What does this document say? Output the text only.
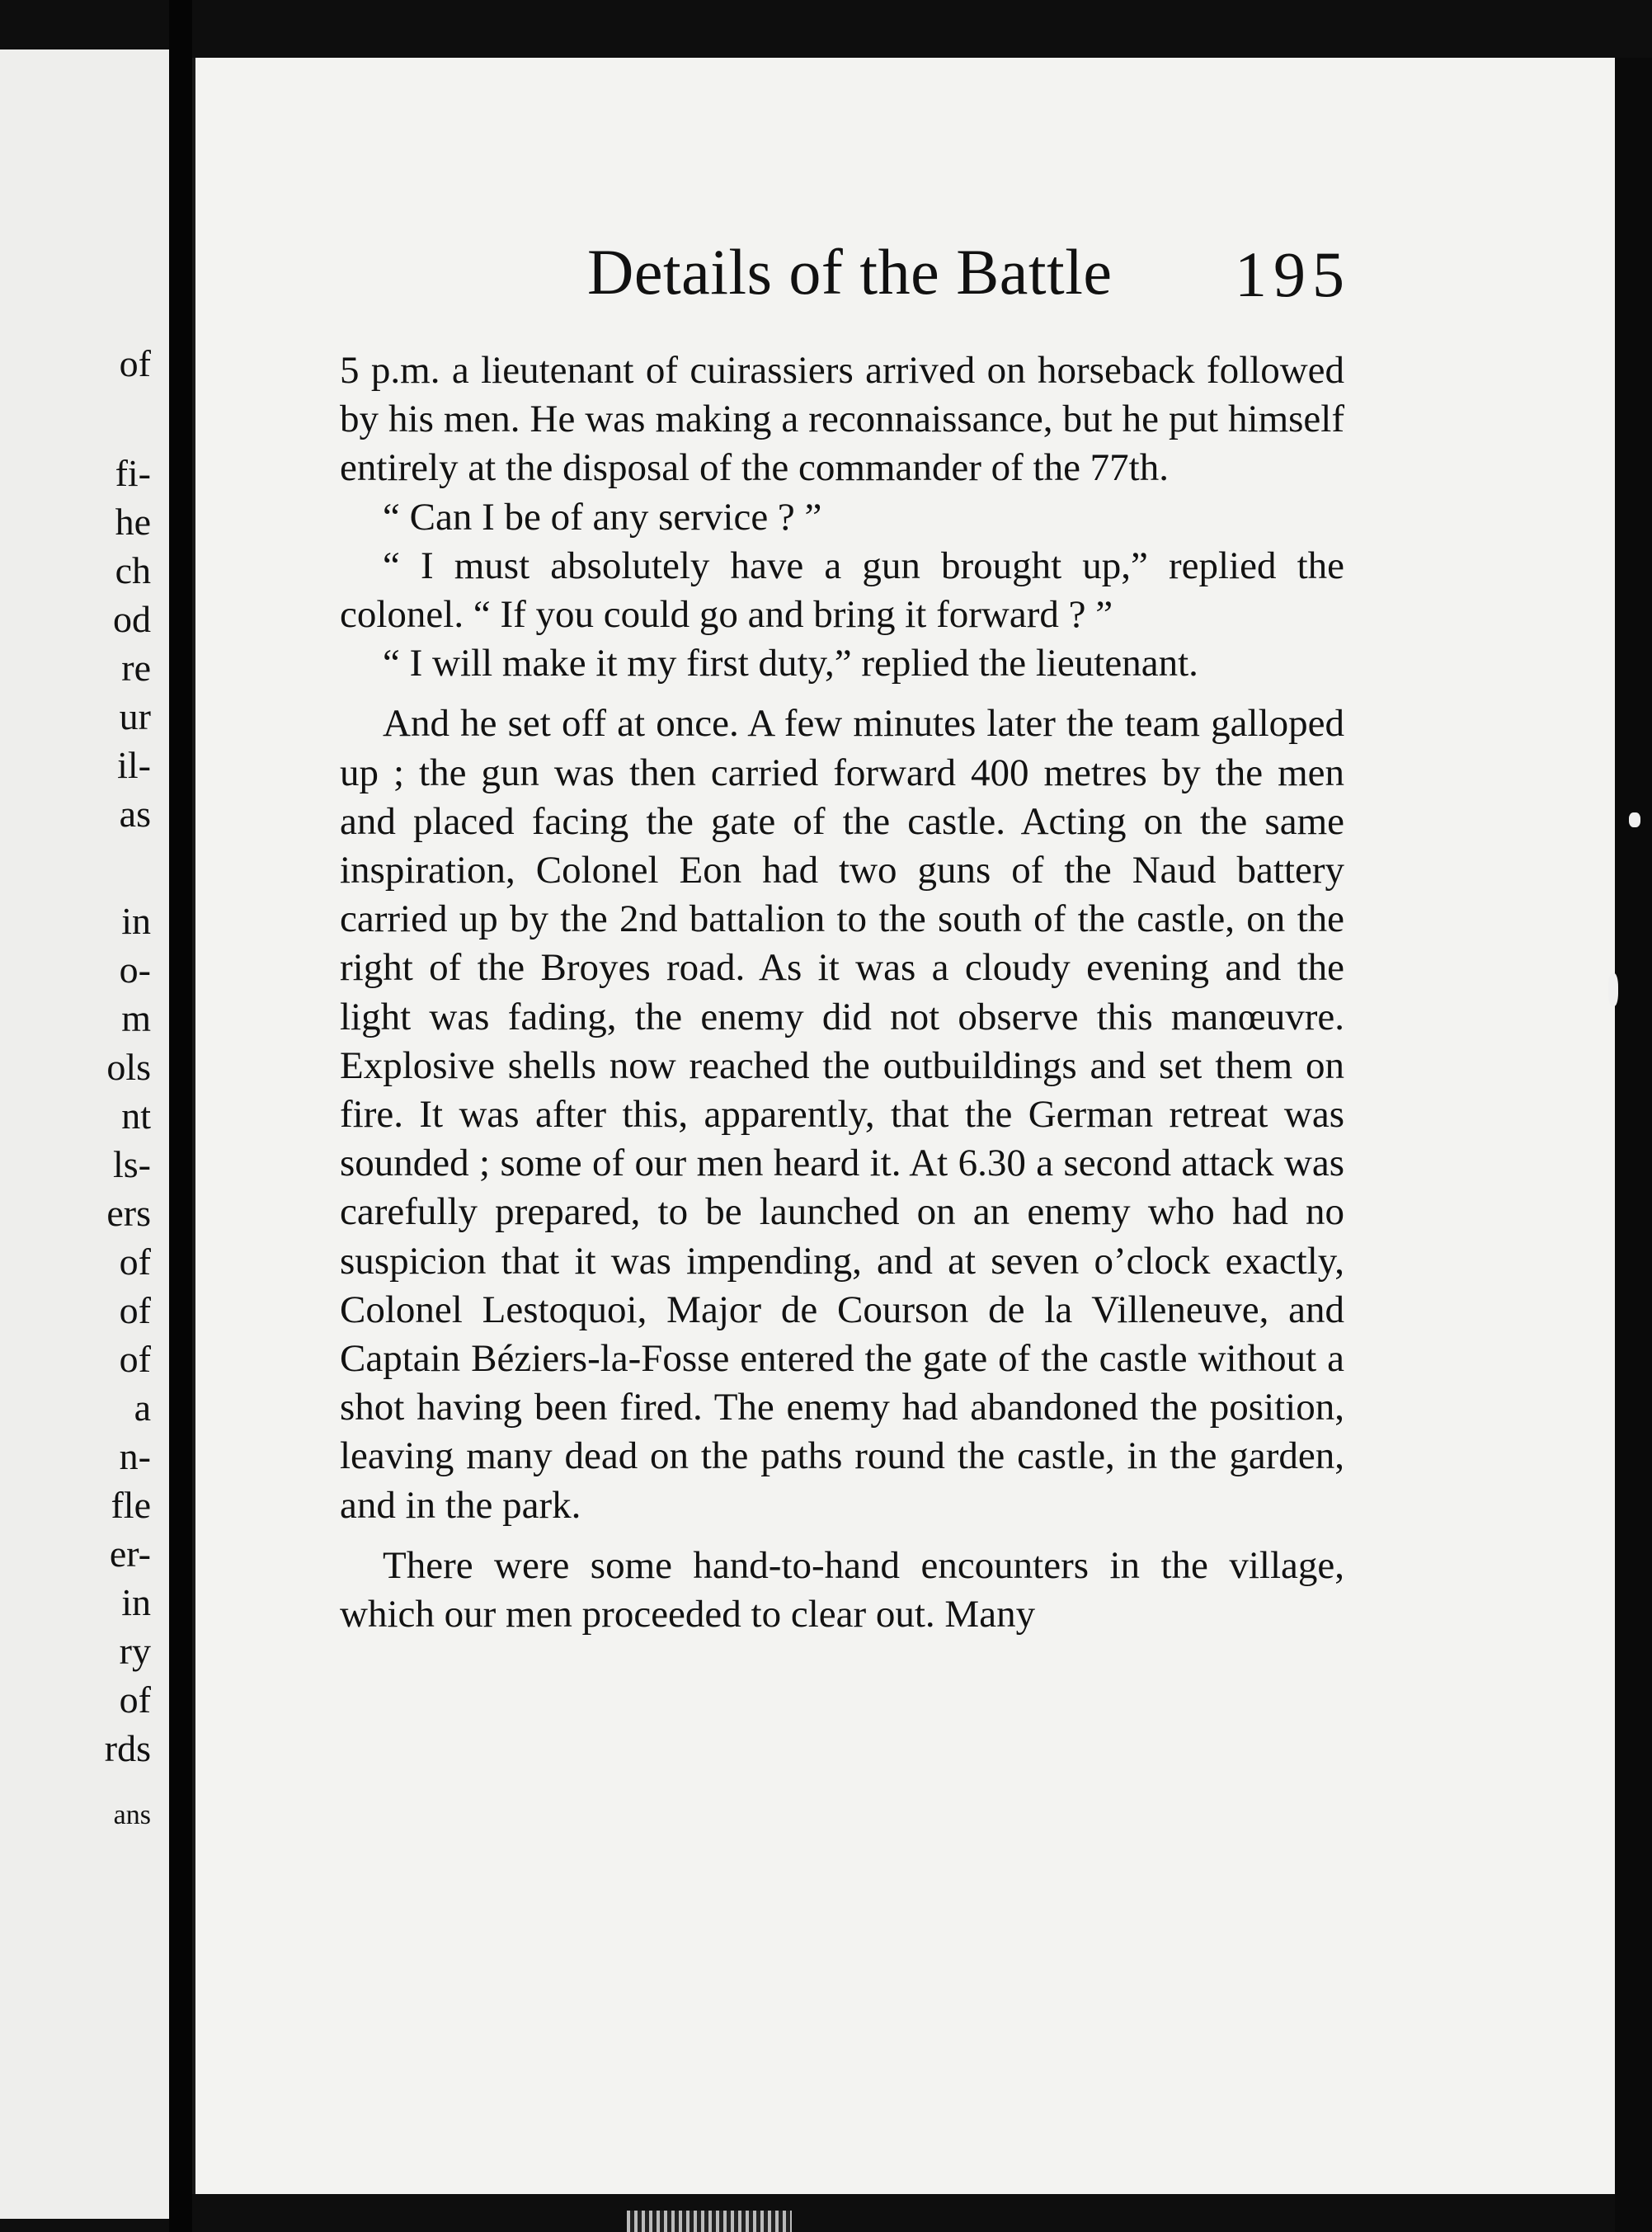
of
fi-
he
ch
od
re
ur
il-
as
in
o-
m
ols
nt
ls-
ers
of
of
of
a
n-
fle
er-
in
ry
of
rds
ans
Details of the Battle 195

5 p.m. a lieutenant of cuirassiers arrived on horseback followed by his men. He was making a reconnaissance, but he put himself entirely at the disposal of the commander of the 77th.

“ Can I be of any service ? ”

“ I must absolutely have a gun brought up,” replied the colonel. “ If you could go and bring it forward ? ”

“ I will make it my first duty,” replied the lieutenant.

And he set off at once. A few minutes later the team galloped up ; the gun was then carried forward 400 metres by the men and placed facing the gate of the castle. Acting on the same inspiration, Colonel Eon had two guns of the Naud battery carried up by the 2nd battalion to the south of the castle, on the right of the Broyes road. As it was a cloudy evening and the light was fading, the enemy did not observe this manœuvre. Explosive shells now reached the outbuildings and set them on fire. It was after this, apparently, that the German retreat was sounded ; some of our men heard it. At 6.30 a second attack was carefully prepared, to be launched on an enemy who had no suspicion that it was impending, and at seven o’clock exactly, Colonel Lestoquoi, Major de Courson de la Villeneuve, and Captain Béziers-la-Fosse entered the gate of the castle without a shot having been fired. The enemy had abandoned the position, leaving many dead on the paths round the castle, in the garden, and in the park.

There were some hand-to-hand encounters in the village, which our men proceeded to clear out. Many
